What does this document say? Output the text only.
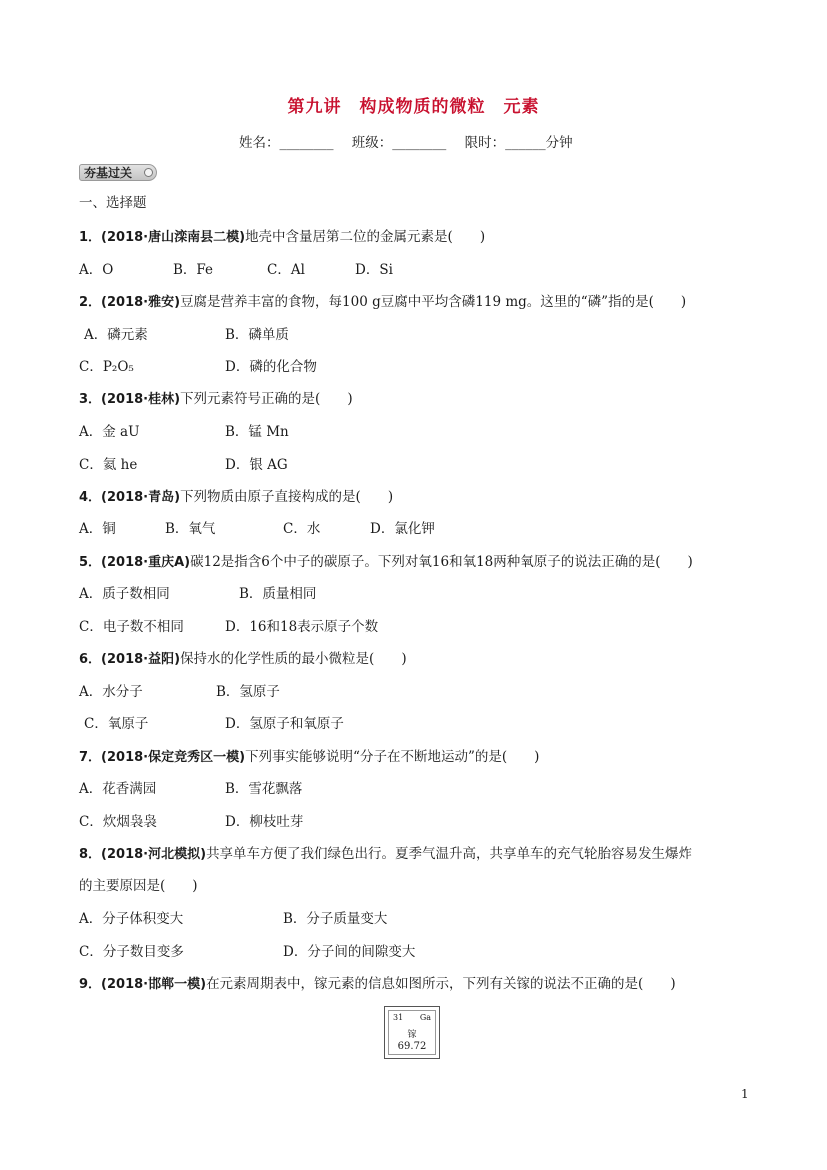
第九讲　构成物质的微粒　元素
姓名：________ 班级：________ 限时：______分钟
夯基过关
一、选择题
1．(2018·唐山滦南县二模)地壳中含量居第二位的金属元素是(　　)
A．O	B．Fe	C．Al	D．Si
2．(2018·雅安)豆腐是营养丰富的食物，每100 g豆腐中平均含磷119 mg。这里的“磷”指的是(　　)
A．磷元素	B．磷单质
C．P₂O₅	D．磷的化合物
3．(2018·桂林)下列元素符号正确的是(　　)
A．金 aU	B．锰 Mn
C．氦 he	D．银 AG
4．(2018·青岛)下列物质由原子直接构成的是(　　)
A．铜	B．氧气	C．水	D．氯化钾
5．(2018·重庆A)碳12是指含6个中子的碳原子。下列对氧16和氧18两种氧原子的说法正确的是(　　)
A．质子数相同	B．质量相同
C．电子数不相同	D．16和18表示原子个数
6．(2018·益阳)保持水的化学性质的最小微粒是(　　)
A．水分子	B．氢原子
C．氧原子	D．氢原子和氧原子
7．(2018·保定竞秀区一模)下列事实能够说明“分子在不断地运动”的是(　　)
A．花香满园	B．雪花飘落
C．炊烟袅袅	D．柳枝吐芽
8．(2018·河北模拟)共享单车方便了我们绿色出行。夏季气温升高，共享单车的充气轮胎容易发生爆炸
的主要原因是(　　)
A．分子体积变大	B．分子质量变大
C．分子数目变多	D．分子间的间隙变大
9．(2018·邯郸一模)在元素周期表中，镓元素的信息如图所示，下列有关镓的说法不正确的是(　　)
31 Ga
镓
69.72
1
